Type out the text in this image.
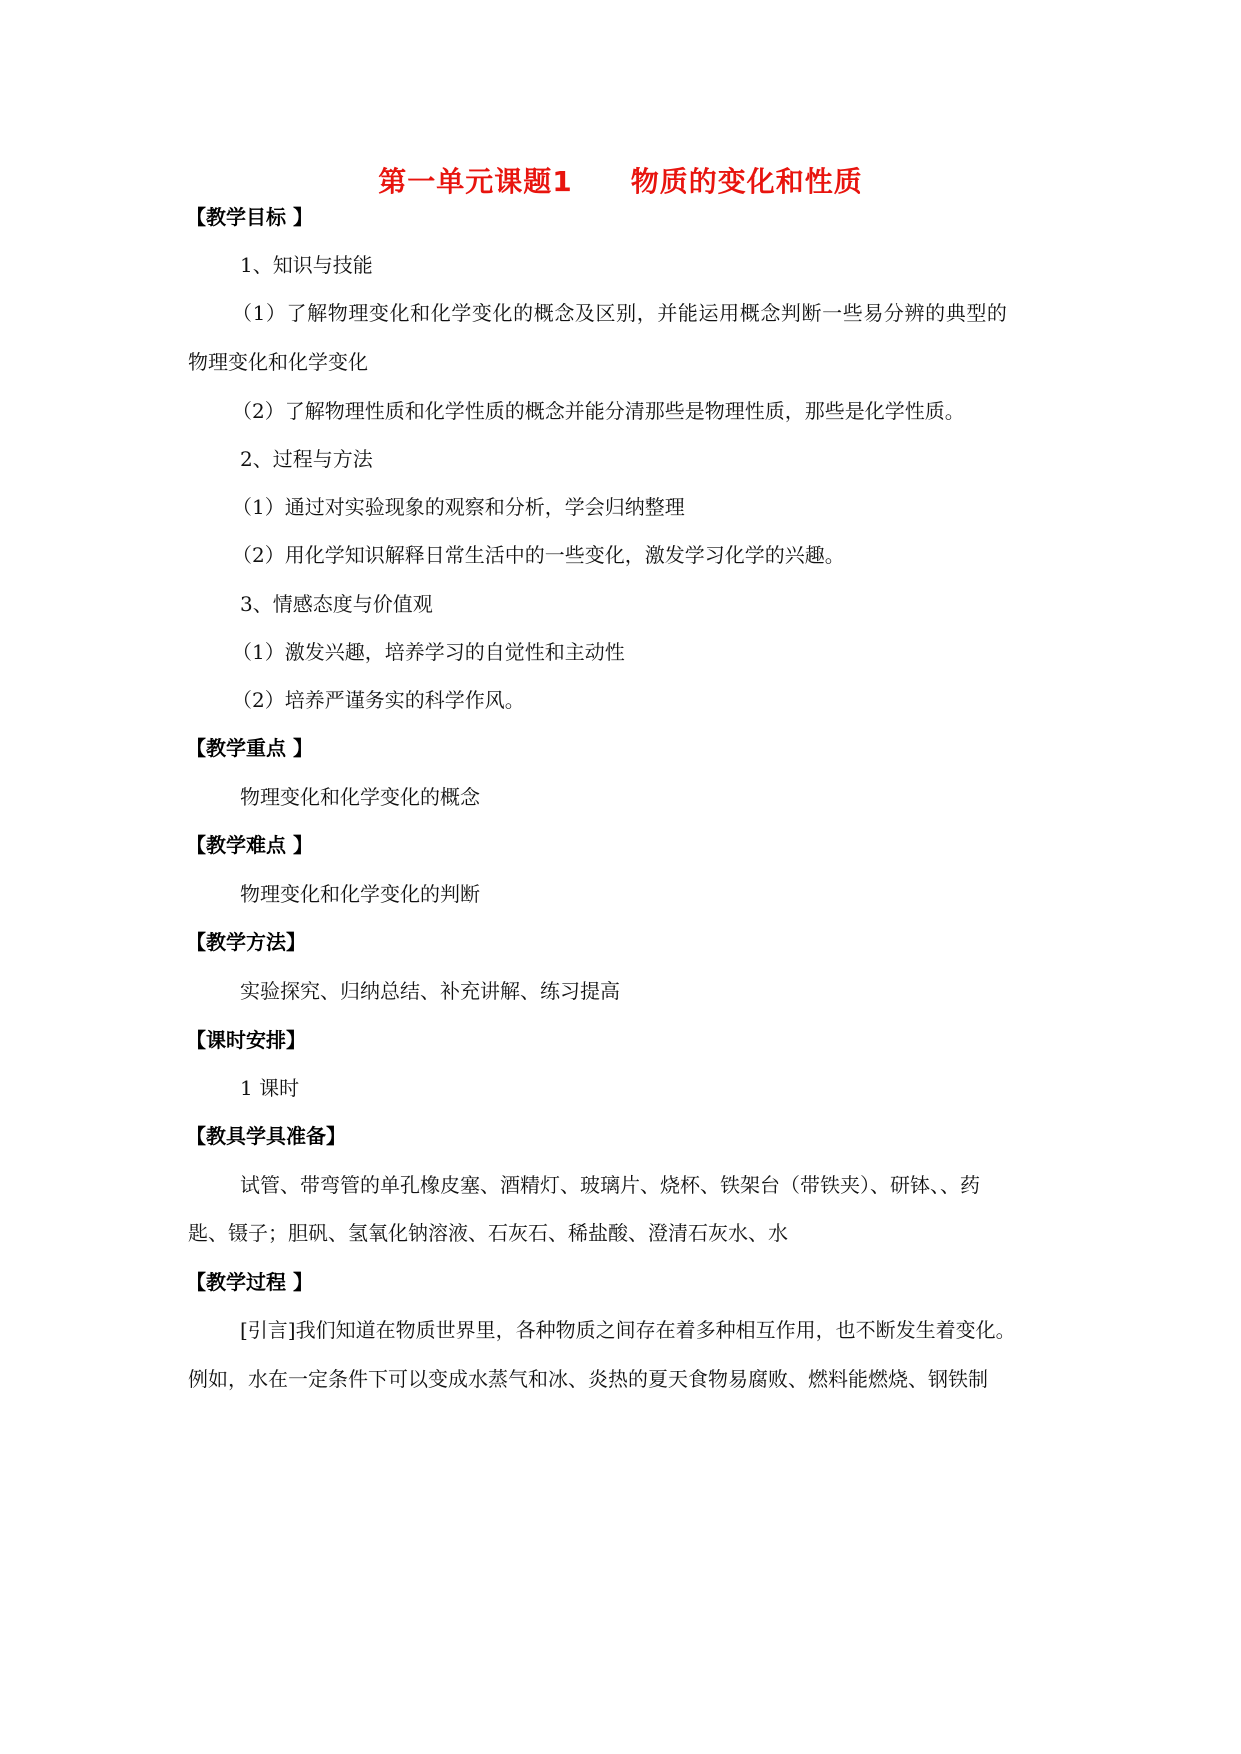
第一单元课题1　　物质的变化和性质
【教学目标 】
1、知识与技能
（1）了解物理变化和化学变化的概念及区别，并能运用概念判断一些易分辨的典型的
物理变化和化学变化
（2）了解物理性质和化学性质的概念并能分清那些是物理性质，那些是化学性质。
2、过程与方法
（1）通过对实验现象的观察和分析，学会归纳整理
（2）用化学知识解释日常生活中的一些变化，激发学习化学的兴趣。
3、情感态度与价值观
（1）激发兴趣，培养学习的自觉性和主动性
（2）培养严谨务实的科学作风。
【教学重点 】
物理变化和化学变化的概念
【教学难点 】
物理变化和化学变化的判断
【教学方法】
实验探究、归纳总结、补充讲解、练习提高
【课时安排】
1 课时
【教具学具准备】
试管、带弯管的单孔橡皮塞、酒精灯、玻璃片、烧杯、铁架台（带铁夹）、研钵、、药
匙、镊子；胆矾、氢氧化钠溶液、石灰石、稀盐酸、澄清石灰水、水
【教学过程 】
[引言]我们知道在物质世界里，各种物质之间存在着多种相互作用，也不断发生着变化。
例如，水在一定条件下可以变成水蒸气和冰、炎热的夏天食物易腐败、燃料能燃烧、钢铁制
